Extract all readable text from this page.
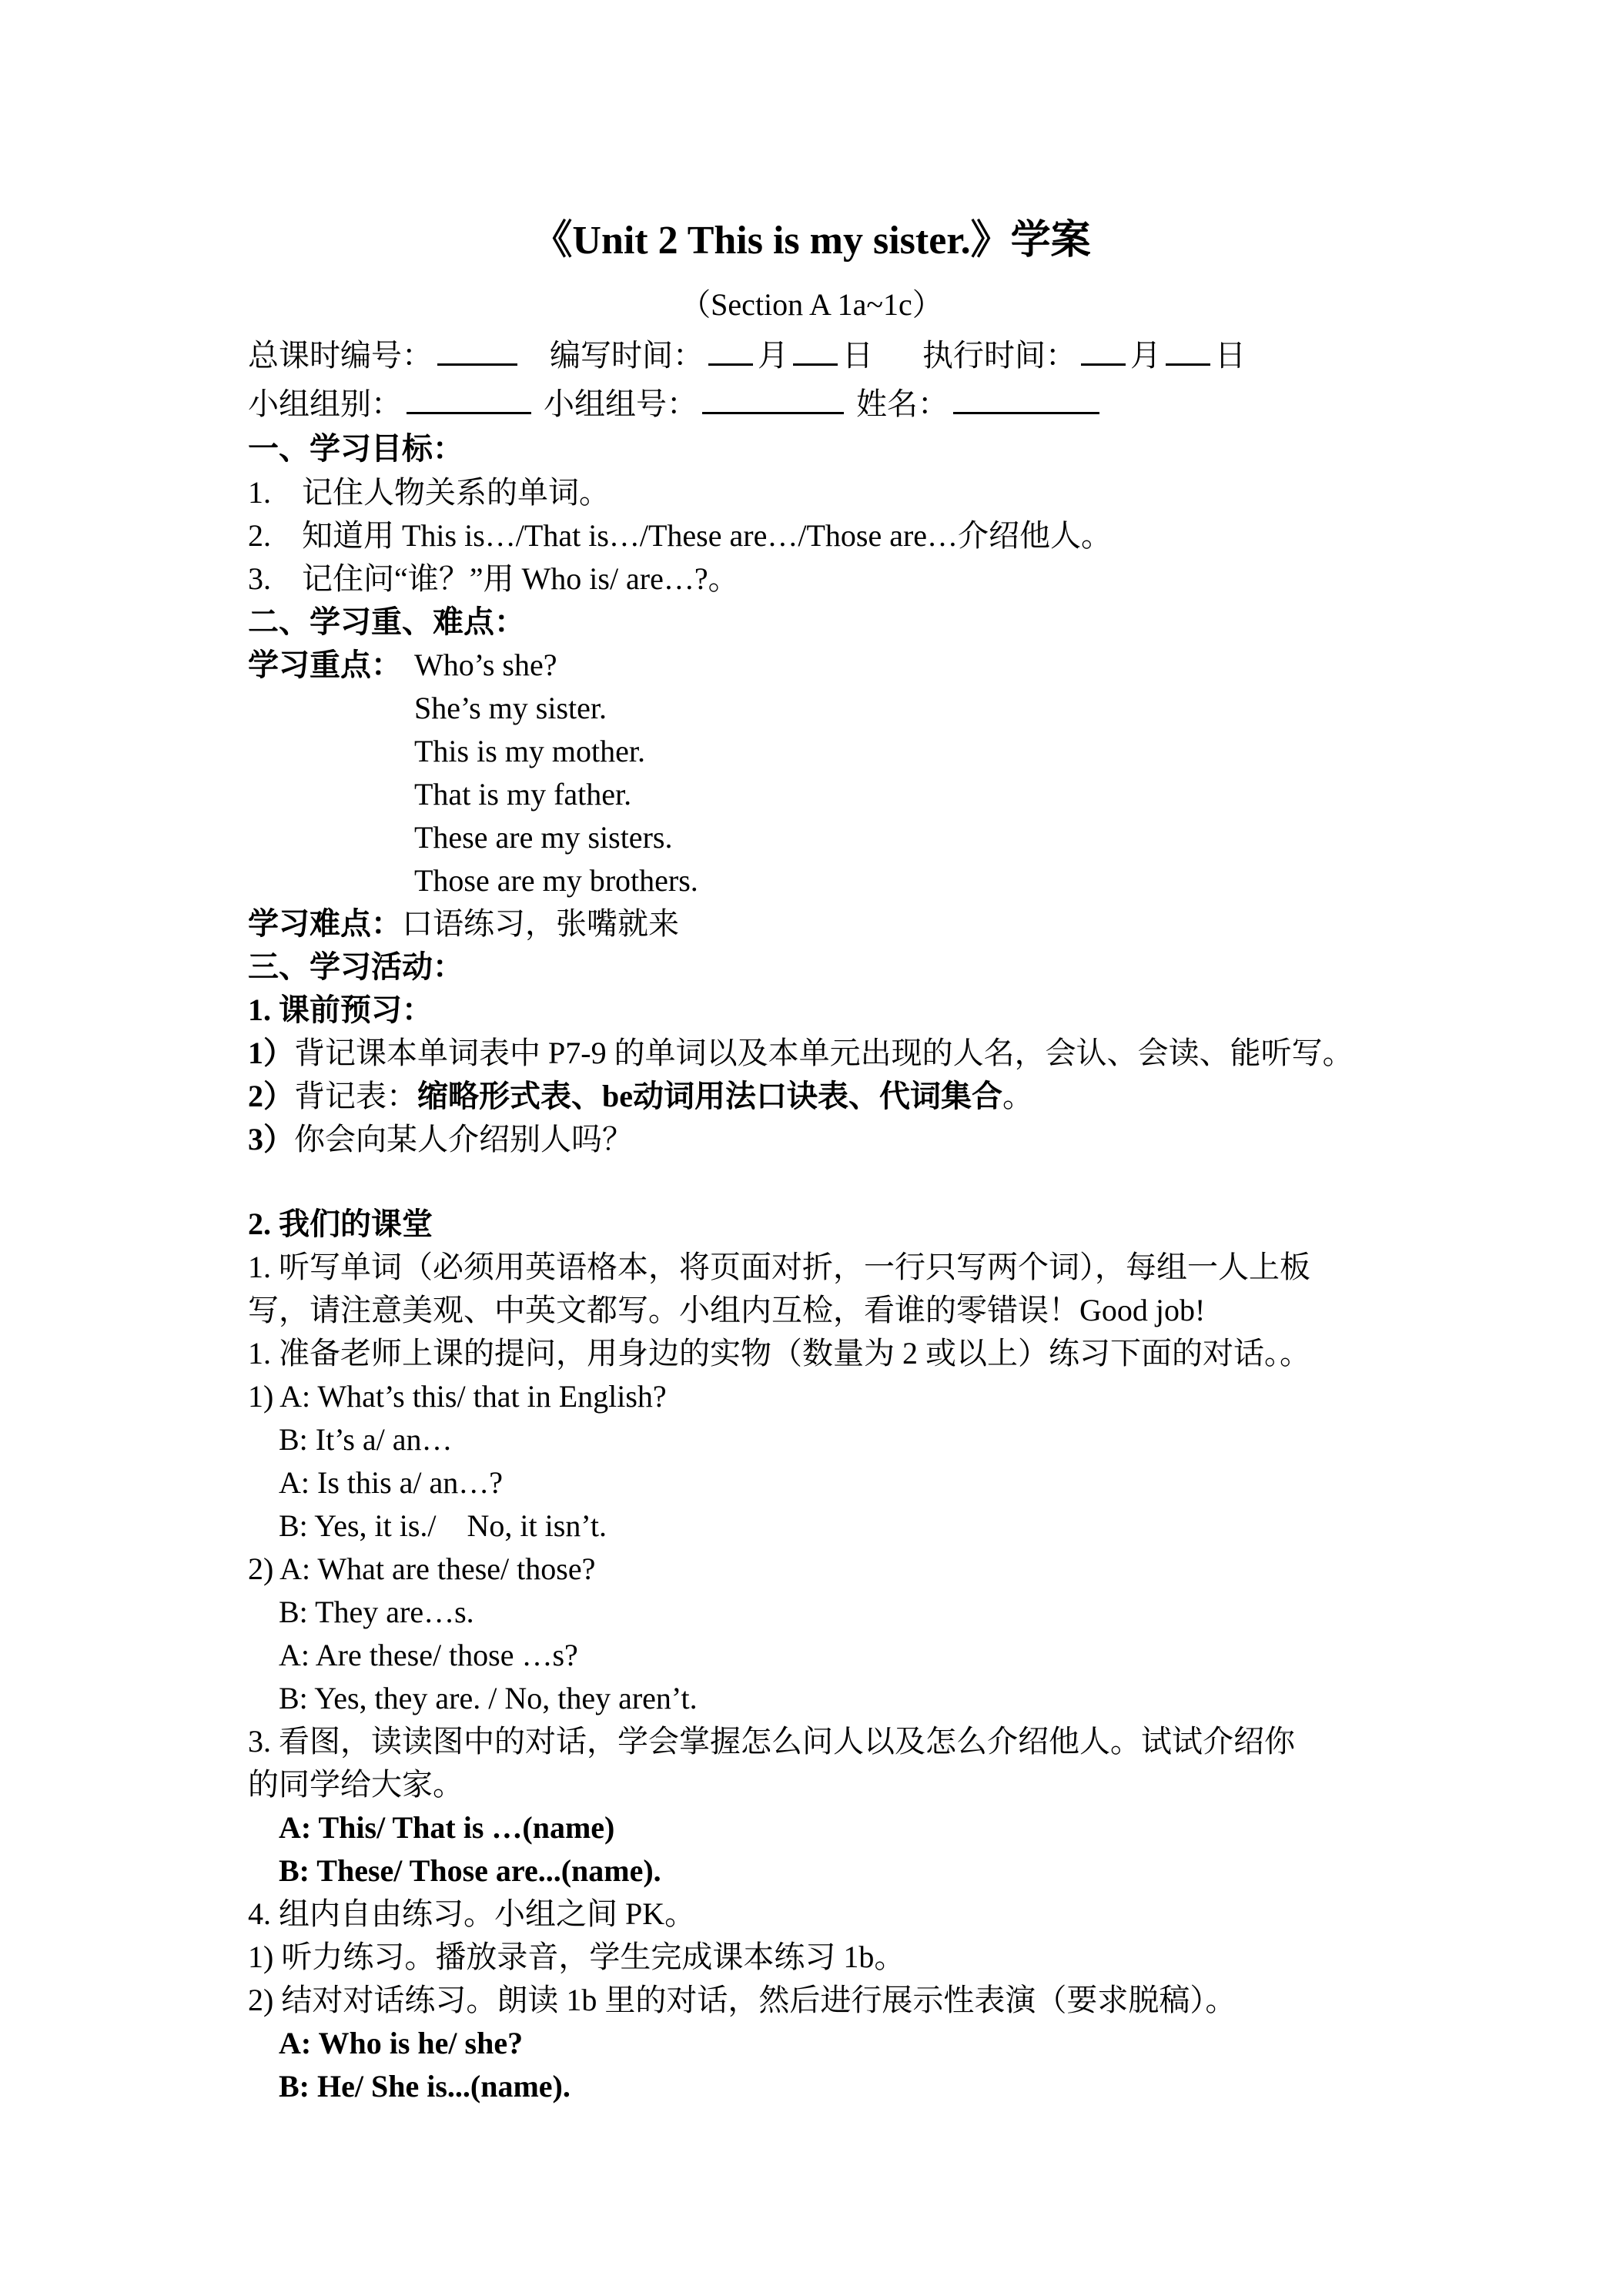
《Unit 2 This is my sister.》学案
（Section A 1a~1c）
总课时编号：	编写时间： 月 日 执行时间： 月 日
小组组别：	小组组号：	姓名：
一、学习目标：
1.　记住人物关系的单词。
2.　知道用 This is…/That is…/These are…/Those are…介绍他人。
3.　记住问“谁？”用 Who is/ are…?。
二、学习重、难点：
学习重点： Who’s she?
She’s my sister.
This is my mother.
That is my father.
These are my sisters.
Those are my brothers.
学习难点：口语练习，张嘴就来
三、学习活动：
1. 课前预习：
1）背记课本单词表中 P7-9 的单词以及本单元出现的人名，会认、会读、能听写。
2）背记表：缩略形式表、be动词用法口诀表、代词集合。
3）你会向某人介绍别人吗？
2. 我们的课堂
1. 听写单词（必须用英语格本，将页面对折，一行只写两个词），每组一人上板
写，请注意美观、中英文都写。小组内互检，看谁的零错误！Good job!
1. 准备老师上课的提问，用身边的实物（数量为 2 或以上）练习下面的对话。。
1) A: What’s this/ that in English?
B: It’s a/ an…
A: Is this a/ an…?
B: Yes, it is./　No, it isn’t.
2) A: What are these/ those?
B: They are…s.
A: Are these/ those …s?
B: Yes, they are. / No, they aren’t.
3. 看图，读读图中的对话，学会掌握怎么问人以及怎么介绍他人。试试介绍你
的同学给大家。
A: This/ That is …(name)
B: These/ Those are...(name).
4. 组内自由练习。小组之间 PK。
1) 听力练习。播放录音，学生完成课本练习 1b。
2) 结对对话练习。朗读 1b 里的对话，然后进行展示性表演（要求脱稿）。
A: Who is he/ she?
B: He/ She is...(name).
